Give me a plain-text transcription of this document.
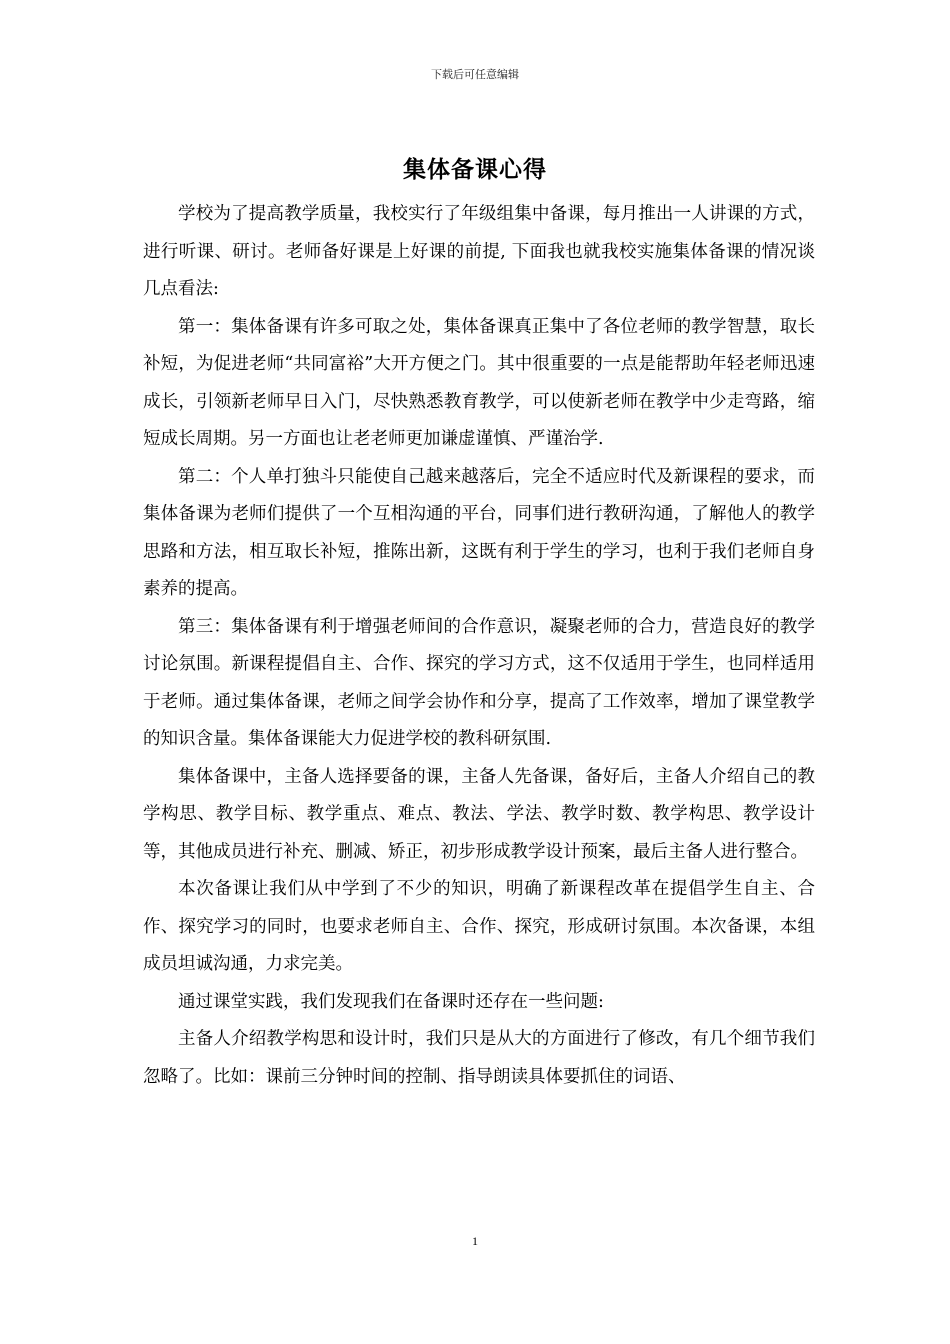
下载后可任意编辑
集体备课心得

学校为了提高教学质量，我校实行了年级组集中备课，每月推出一人讲课的方式，进行听课、研讨。老师备好课是上好课的前提, 下面我也就我校实施集体备课的情况谈几点看法:

第一：集体备课有许多可取之处，集体备课真正集中了各位老师的教学智慧，取长补短，为促进老师“共同富裕”大开方便之门。其中很重要的一点是能帮助年轻老师迅速成长，引领新老师早日入门，尽快熟悉教育教学，可以使新老师在教学中少走弯路，缩短成长周期。另一方面也让老老师更加谦虚谨慎、严谨治学.

第二：个人单打独斗只能使自己越来越落后，完全不适应时代及新课程的要求，而集体备课为老师们提供了一个互相沟通的平台，同事们进行教研沟通，了解他人的教学思路和方法，相互取长补短，推陈出新，这既有利于学生的学习，也利于我们老师自身素养的提高。

第三：集体备课有利于增强老师间的合作意识，凝聚老师的合力，营造良好的教学讨论氛围。新课程提倡自主、合作、探究的学习方式，这不仅适用于学生，也同样适用于老师。通过集体备课，老师之间学会协作和分享，提高了工作效率，增加了课堂教学的知识含量。集体备课能大力促进学校的教科研氛围.

集体备课中，主备人选择要备的课，主备人先备课，备好后，主备人介绍自己的教学构思、教学目标、教学重点、难点、教法、学法、教学时数、教学构思、教学设计等，其他成员进行补充、删减、矫正，初步形成教学设计预案，最后主备人进行整合。

本次备课让我们从中学到了不少的知识，明确了新课程改革在提倡学生自主、合作、探究学习的同时，也要求老师自主、合作、探究，形成研讨氛围。本次备课，本组成员坦诚沟通，力求完美。

通过课堂实践，我们发现我们在备课时还存在一些问题:

主备人介绍教学构思和设计时，我们只是从大的方面进行了修改，有几个细节我们忽略了。比如：课前三分钟时间的控制、指导朗读具体要抓住的词语、

1
